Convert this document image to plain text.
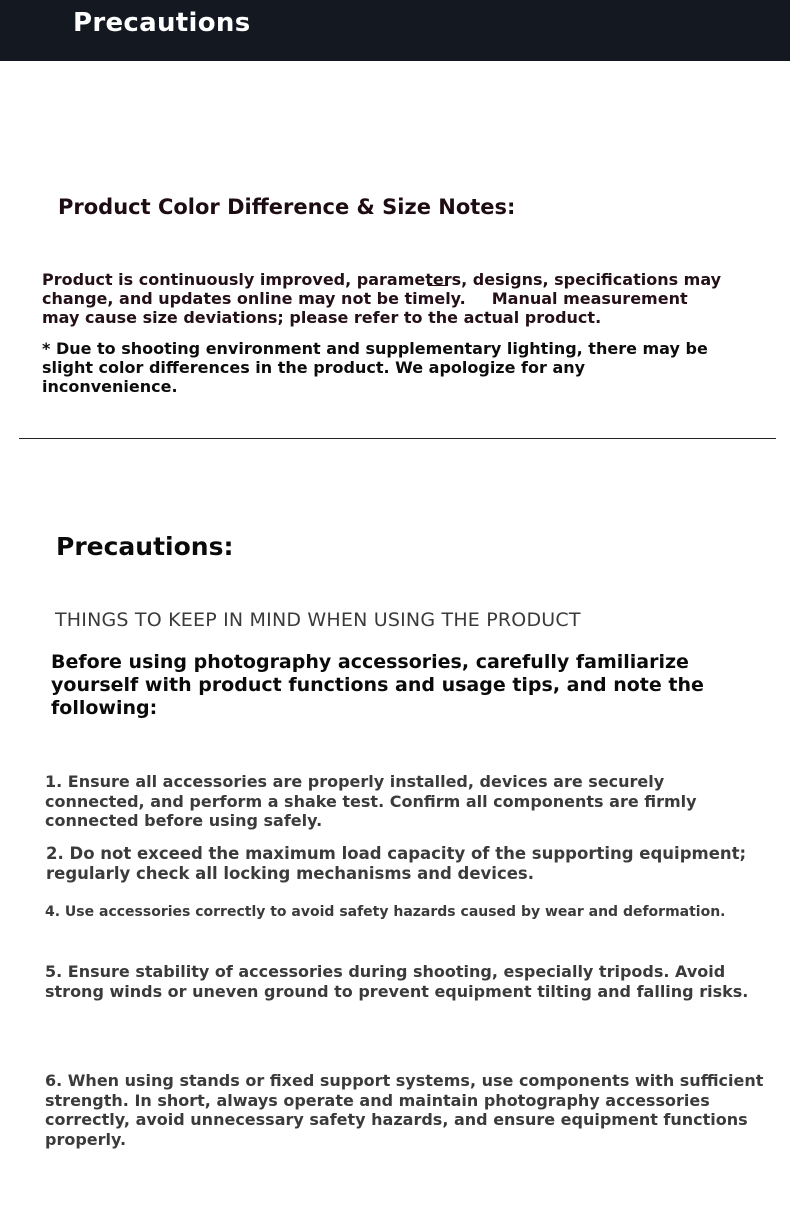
Precautions
Product Color Difference & Size Notes:
Product is continuously improved, parameters, designs, specifications may change, and updates online may not be timely. Manual measurement may cause size deviations; please refer to the actual product.
* Due to shooting environment and supplementary lighting, there may be slight color differences in the product. We apologize for any inconvenience.
Precautions:
THINGS TO KEEP IN MIND WHEN USING THE PRODUCT
Before using photography accessories, carefully familiarize yourself with product functions and usage tips, and note the following:
1. Ensure all accessories are properly installed, devices are securely connected, and perform a shake test. Confirm all components are firmly connected before using safely.
2. Do not exceed the maximum load capacity of the supporting equipment; regularly check all locking mechanisms and devices.
4. Use accessories correctly to avoid safety hazards caused by wear and deformation.
5. Ensure stability of accessories during shooting, especially tripods. Avoid strong winds or uneven ground to prevent equipment tilting and falling risks.
6. When using stands or fixed support systems, use components with sufficient strength. In short, always operate and maintain photography accessories correctly, avoid unnecessary safety hazards, and ensure equipment functions properly.
